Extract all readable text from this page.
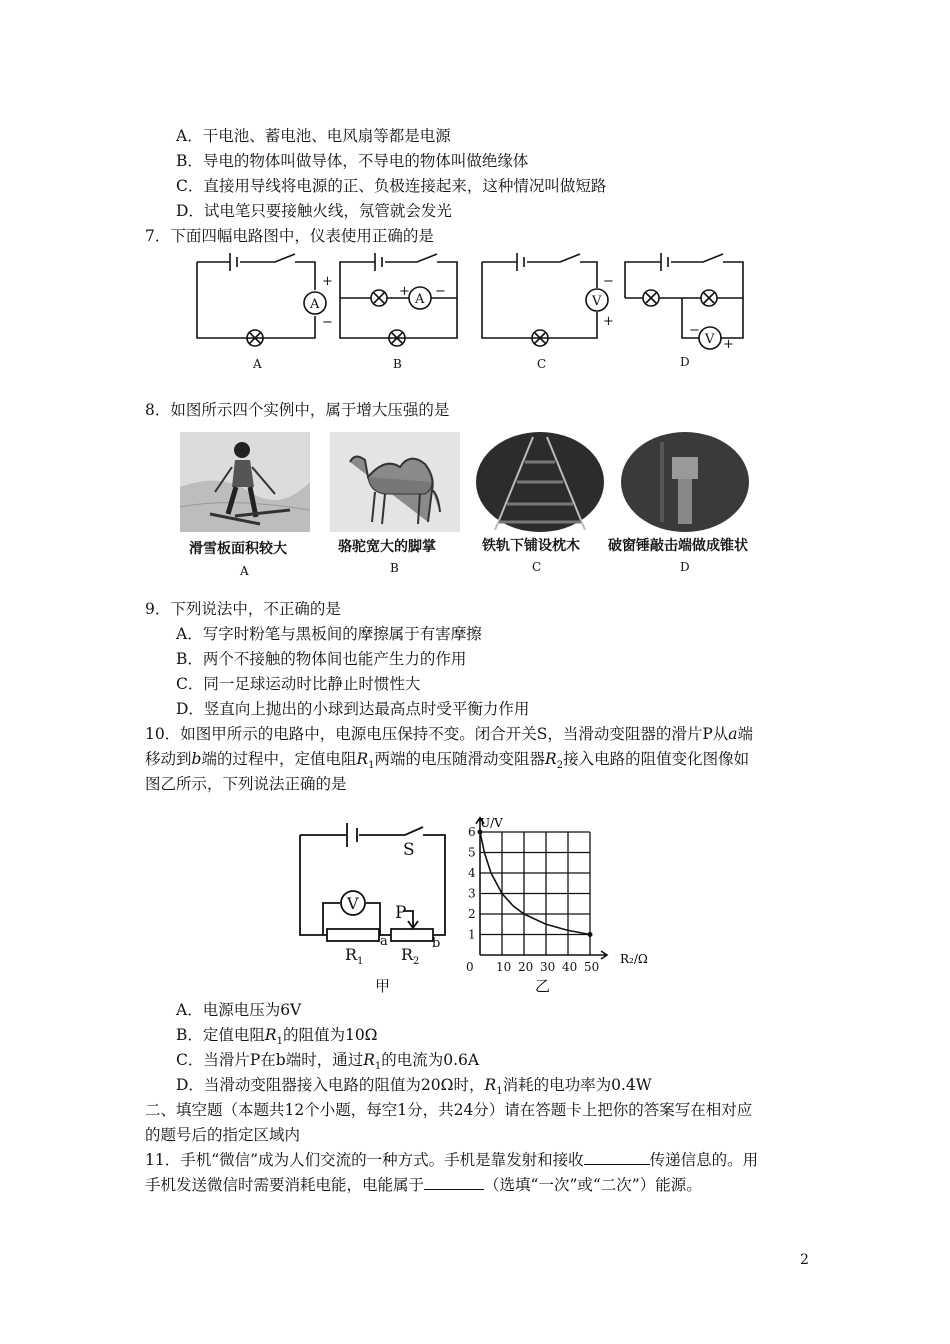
A．干电池、蓄电池、电风扇等都是电源
B．导电的物体叫做导体，不导电的物体叫做绝缘体
C．直接用导线将电源的正、负极连接起来，这种情况叫做短路
D．试电笔只要接触火线，氖管就会发光
7．下面四幅电路图中，仪表使用正确的是
A
+
−
A
+ −
V
−
+
V
−
+
A	B	C	D
8．如图所示四个实例中，属于增大压强的是
滑雪板面积较大	骆驼宽大的脚掌	铁轨下铺设枕木 破窗锤敲击端做成锥状
A	B	C	D
9．下列说法中，不正确的是
A．写字时粉笔与黑板间的摩擦属于有害摩擦
B．两个不接触的物体间也能产生力的作用
C．同一足球运动时比静止时惯性大
D．竖直向上抛出的小球到达最高点时受平衡力作用
10．如图甲所示的电路中，电源电压保持不变。闭合开关S，当滑动变阻器的滑片P从a端
移动到b端的过程中，定值电阻$R_1$两端的电压随滑动变阻器$R_2$接入电路的阻值变化图像如
图乙所示，下列说法正确的是
S
P
V
a	b
R 1 R 2
甲
0 10 20 30 40 50
1
2
3
4
5
6
U/V
R₂/Ω
乙
A．电源电压为6V
B．定值电阻$R_1$的阻值为10Ω
C．当滑片P在b端时，通过$R_1$的电流为0.6A
D．当滑动变阻器接入电路的阻值为20Ω时，$R_1$消耗的电功率为0.4W
二、填空题（本题共12个小题，每空1分，共24分）请在答题卡上把你的答案写在相对应
的题号后的指定区域内
11．手机“微信”成为人们交流的一种方式。手机是靠发射和接收	传递信息的。用
手机发送微信时需要消耗电能，电能属于	（选填“一次”或“二次”）能源。
2
